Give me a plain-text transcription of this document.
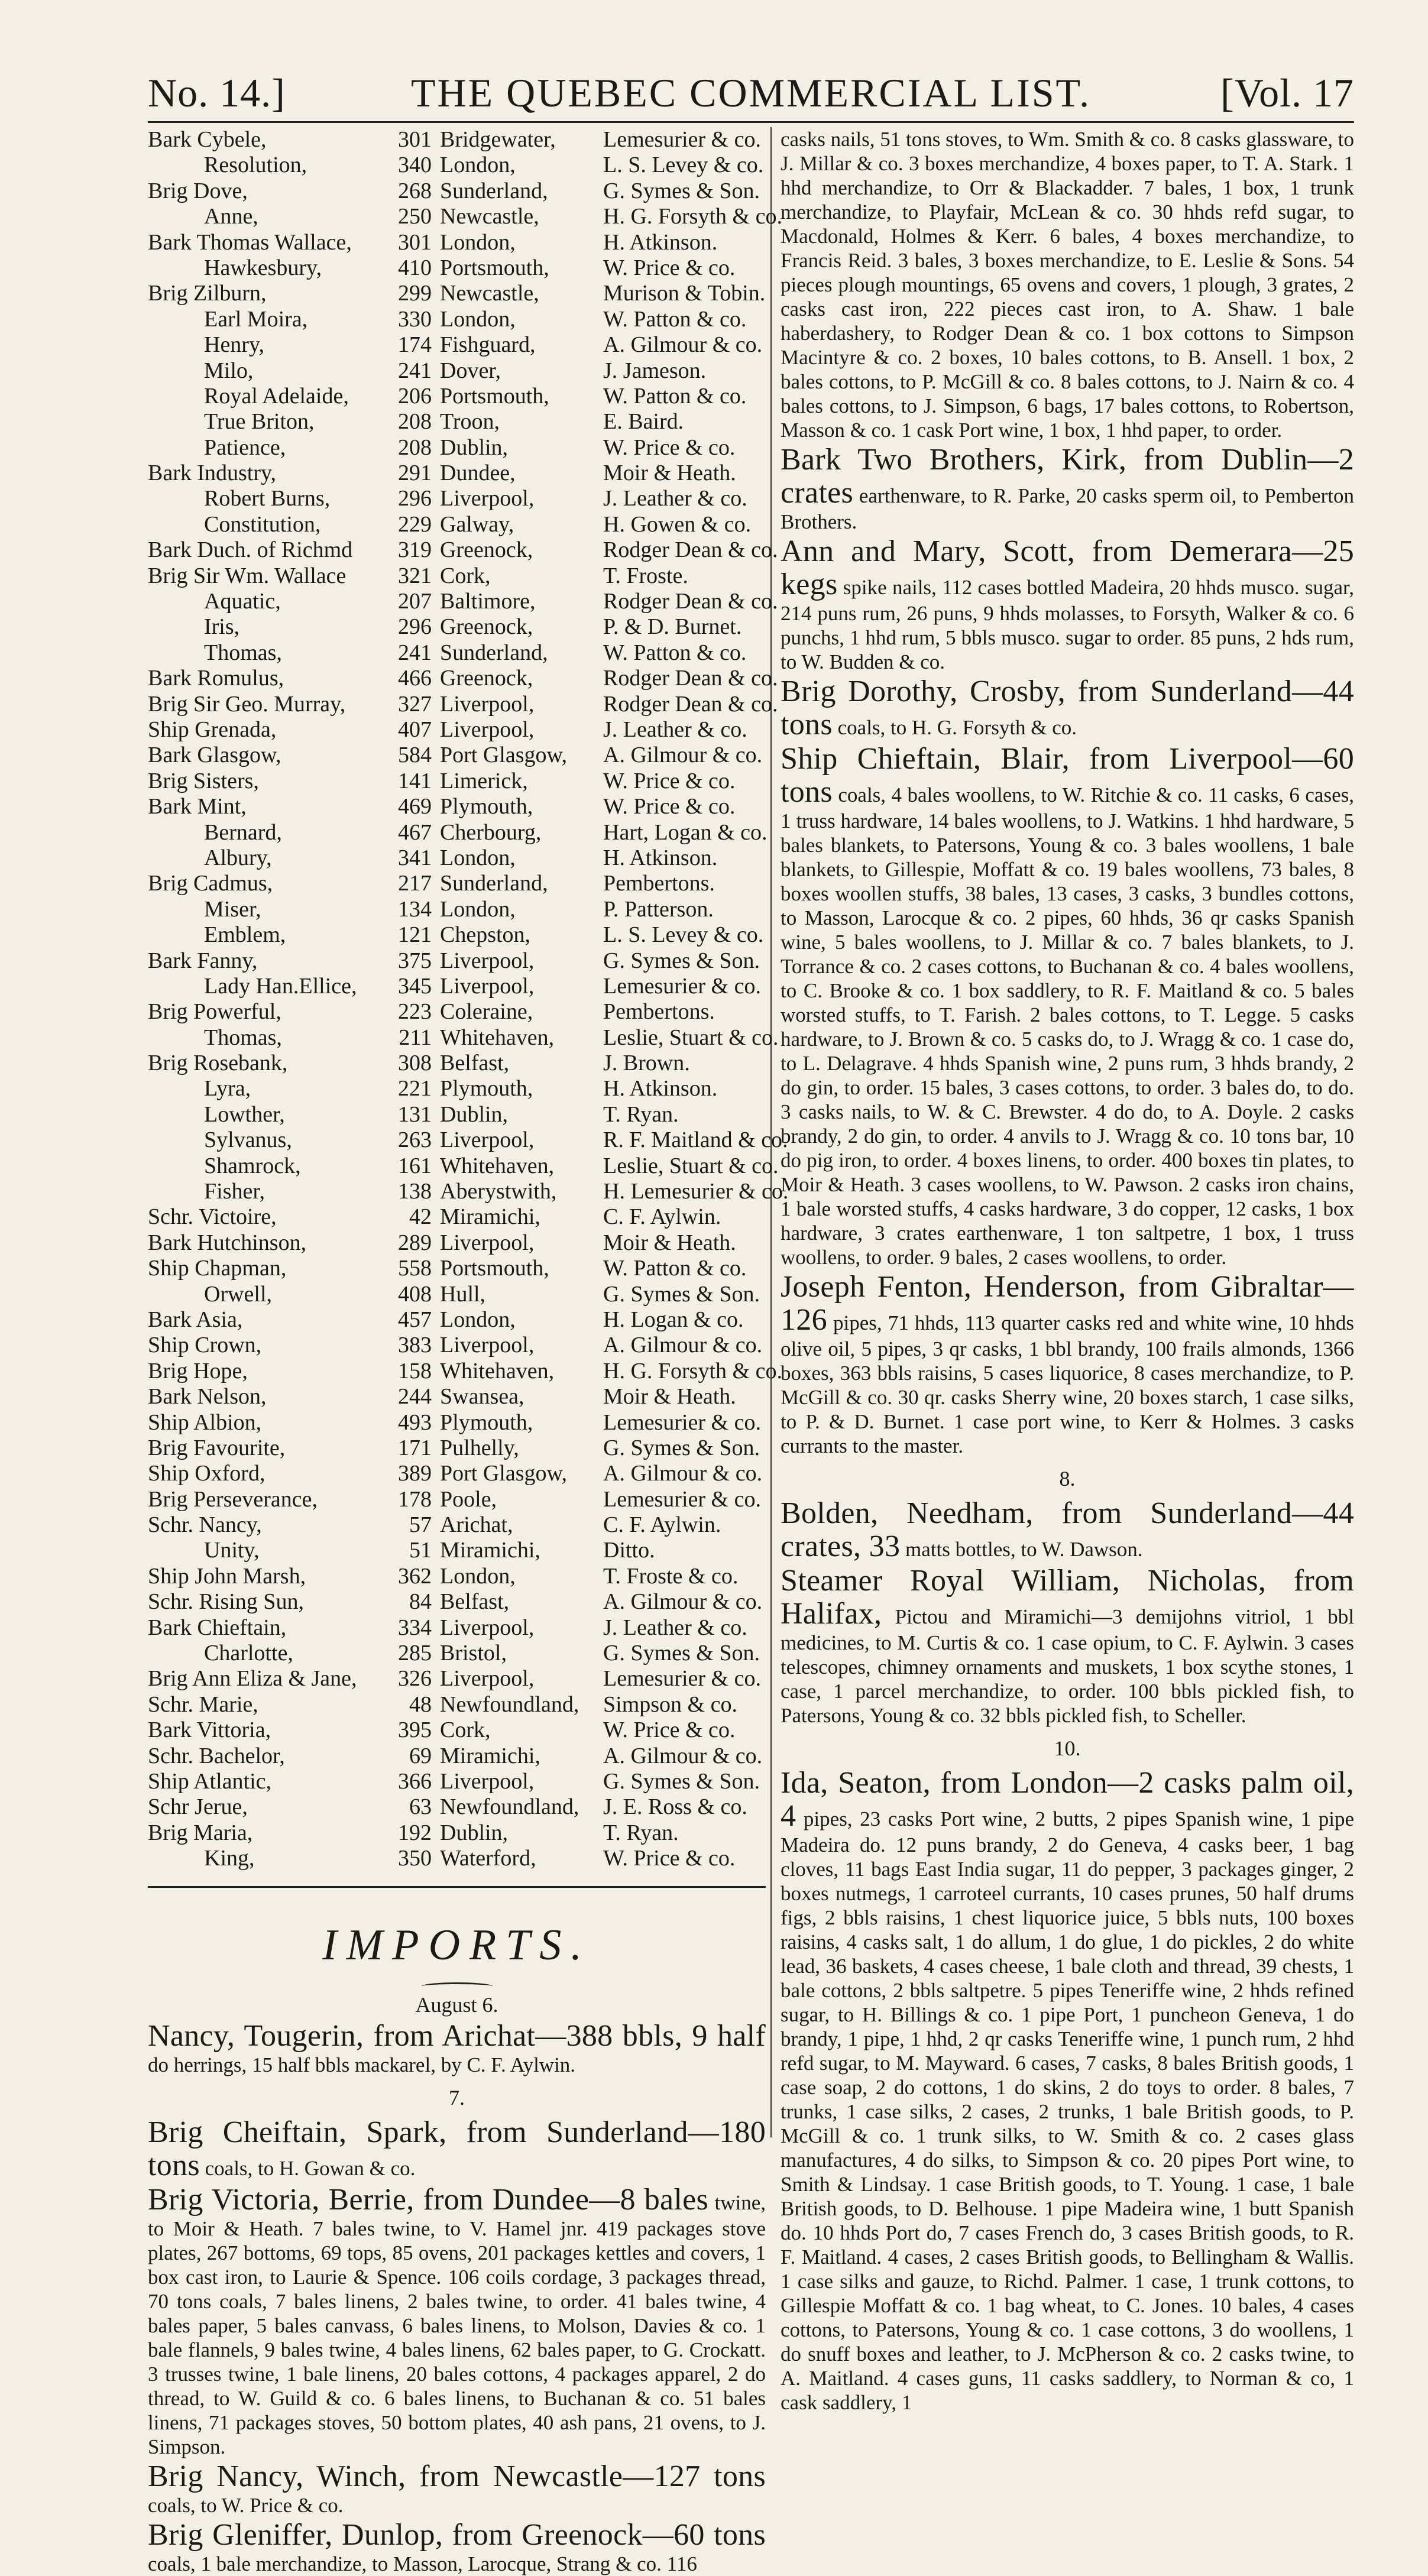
No. 14.]	THE QUEBEC COMMERCIAL LIST.	[Vol. 17
Bark Cybele,	301 Bridgewater,	Lemesurier & co.
Resolution,	340 London,	L. S. Levey & co.
Brig Dove,	268 Sunderland,	G. Symes & Son.
Anne,	250 Newcastle,	H. G. Forsyth & co.
Bark Thomas Wallace,	301 London,	H. Atkinson.
Hawkesbury,	410 Portsmouth,	W. Price & co.
Brig Zilburn,	299 Newcastle,	Murison & Tobin.
Earl Moira,	330 London,	W. Patton & co.
Henry,	174 Fishguard,	A. Gilmour & co.
Milo,	241 Dover,	J. Jameson.
Royal Adelaide,	206 Portsmouth,	W. Patton & co.
True Briton,	208 Troon,	E. Baird.
Patience,	208 Dublin,	W. Price & co.
Bark Industry,	291 Dundee,	Moir & Heath.
Robert Burns,	296 Liverpool,	J. Leather & co.
Constitution,	229 Galway,	H. Gowen & co.
Bark Duch. of Richmd	319 Greenock,	Rodger Dean & co.
Brig Sir Wm. Wallace	321 Cork,	T. Froste.
Aquatic,	207 Baltimore,	Rodger Dean & co.
Iris,	296 Greenock,	P. & D. Burnet.
Thomas,	241 Sunderland,	W. Patton & co.
Bark Romulus,	466 Greenock,	Rodger Dean & co.
Brig Sir Geo. Murray,	327 Liverpool,	Rodger Dean & co.
Ship Grenada,	407 Liverpool,	J. Leather & co.
Bark Glasgow,	584 Port Glasgow,	A. Gilmour & co.
Brig Sisters,	141 Limerick,	W. Price & co.
Bark Mint,	469 Plymouth,	W. Price & co.
Bernard,	467 Cherbourg,	Hart, Logan & co.
Albury,	341 London,	H. Atkinson.
Brig Cadmus,	217 Sunderland,	Pembertons.
Miser,	134 London,	P. Patterson.
Emblem,	121 Chepston,	L. S. Levey & co.
Bark Fanny,	375 Liverpool,	G. Symes & Son.
Lady Han.Ellice,	345 Liverpool,	Lemesurier & co.
Brig Powerful,	223 Coleraine,	Pembertons.
Thomas,	211 Whitehaven,	Leslie, Stuart & co.
Brig Rosebank,	308 Belfast,	J. Brown.
Lyra,	221 Plymouth,	H. Atkinson.
Lowther,	131 Dublin,	T. Ryan.
Sylvanus,	263 Liverpool,	R. F. Maitland & co.
Shamrock,	161 Whitehaven,	Leslie, Stuart & co.
Fisher,	138 Aberystwith,	H. Lemesurier & co.
Schr. Victoire,	42 Miramichi,	C. F. Aylwin.
Bark Hutchinson,	289 Liverpool,	Moir & Heath.
Ship Chapman,	558 Portsmouth,	W. Patton & co.
Orwell,	408 Hull,	G. Symes & Son.
Bark Asia,	457 London,	H. Logan & co.
Ship Crown,	383 Liverpool,	A. Gilmour & co.
Brig Hope,	158 Whitehaven,	H. G. Forsyth & co.
Bark Nelson,	244 Swansea,	Moir & Heath.
Ship Albion,	493 Plymouth,	Lemesurier & co.
Brig Favourite,	171 Pulhelly,	G. Symes & Son.
Ship Oxford,	389 Port Glasgow,	A. Gilmour & co.
Brig Perseverance,	178 Poole,	Lemesurier & co.
Schr. Nancy,	57 Arichat,	C. F. Aylwin.
Unity,	51 Miramichi,	Ditto.
Ship John Marsh,	362 London,	T. Froste & co.
Schr. Rising Sun,	84 Belfast,	A. Gilmour & co.
Bark Chieftain,	334 Liverpool,	J. Leather & co.
Charlotte,	285 Bristol,	G. Symes & Son.
Brig Ann Eliza & Jane,	326 Liverpool,	Lemesurier & co.
Schr. Marie,	48 Newfoundland,	Simpson & co.
Bark Vittoria,	395 Cork,	W. Price & co.
Schr. Bachelor,	69 Miramichi,	A. Gilmour & co.
Ship Atlantic,	366 Liverpool,	G. Symes & Son.
Schr Jerue,	63 Newfoundland,	J. E. Ross & co.
Brig Maria,	192 Dublin,	T. Ryan.
King,	350 Waterford,	W. Price & co.
IMPORTS.
August 6.

Nancy, Tougerin, from Arichat—388 bbls, 9 half do herrings, 15 half bbls mackarel, by C. F. Aylwin.

7.

Brig Cheiftain, Spark, from Sunderland—180 tons coals, to H. Gowan & co.

Brig Victoria, Berrie, from Dundee—8 bales twine, to Moir & Heath. 7 bales twine, to V. Hamel jnr. 419 packages stove plates, 267 bottoms, 69 tops, 85 ovens, 201 packages kettles and covers, 1 box cast iron, to Laurie & Spence. 106 coils cordage, 3 packages thread, 70 tons coals, 7 bales linens, 2 bales twine, to order. 41 bales twine, 4 bales paper, 5 bales canvass, 6 bales linens, to Molson, Davies & co. 1 bale flannels, 9 bales twine, 4 bales linens, 62 bales paper, to G. Crockatt. 3 trusses twine, 1 bale linens, 20 bales cottons, 4 packages apparel, 2 do thread, to W. Guild & co. 6 bales linens, to Buchanan & co. 51 bales linens, 71 packages stoves, 50 bottom plates, 40 ash pans, 21 ovens, to J. Simpson.

Brig Nancy, Winch, from Newcastle—127 tons coals, to W. Price & co.

Brig Gleniffer, Dunlop, from Greenock—60 tons coals, 1 bale merchandize, to Masson, Larocque, Strang & co. 116

casks nails, 51 tons stoves, to Wm. Smith & co. 8 casks glassware, to J. Millar & co. 3 boxes merchandize, 4 boxes paper, to T. A. Stark. 1 hhd merchandize, to Orr & Blackadder. 7 bales, 1 box, 1 trunk merchandize, to Playfair, McLean & co. 30 hhds refd sugar, to Macdonald, Holmes & Kerr. 6 bales, 4 boxes merchandize, to Francis Reid. 3 bales, 3 boxes merchandize, to E. Leslie & Sons. 54 pieces plough mountings, 65 ovens and covers, 1 plough, 3 grates, 2 casks cast iron, 222 pieces cast iron, to A. Shaw. 1 bale haberdashery, to Rodger Dean & co. 1 box cottons to Simpson Macintyre & co. 2 boxes, 10 bales cottons, to B. Ansell. 1 box, 2 bales cottons, to P. McGill & co. 8 bales cottons, to J. Nairn & co. 4 bales cottons, to J. Simpson, 6 bags, 17 bales cottons, to Robertson, Masson & co. 1 cask Port wine, 1 box, 1 hhd paper, to order.

Bark Two Brothers, Kirk, from Dublin—2 crates earthenware, to R. Parke, 20 casks sperm oil, to Pemberton Brothers.

Ann and Mary, Scott, from Demerara—25 kegs spike nails, 112 cases bottled Madeira, 20 hhds musco. sugar, 214 puns rum, 26 puns, 9 hhds molasses, to Forsyth, Walker & co. 6 punchs, 1 hhd rum, 5 bbls musco. sugar to order. 85 puns, 2 hds rum, to W. Budden & co.

Brig Dorothy, Crosby, from Sunderland—44 tons coals, to H. G. Forsyth & co.

Ship Chieftain, Blair, from Liverpool—60 tons coals, 4 bales woollens, to W. Ritchie & co. 11 casks, 6 cases, 1 truss hardware, 14 bales woollens, to J. Watkins. 1 hhd hardware, 5 bales blankets, to Patersons, Young & co. 3 bales woollens, 1 bale blankets, to Gillespie, Moffatt & co. 19 bales woollens, 73 bales, 8 boxes woollen stuffs, 38 bales, 13 cases, 3 casks, 3 bundles cottons, to Masson, Larocque & co. 2 pipes, 60 hhds, 36 qr casks Spanish wine, 5 bales woollens, to J. Millar & co. 7 bales blankets, to J. Torrance & co. 2 cases cottons, to Buchanan & co. 4 bales woollens, to C. Brooke & co. 1 box saddlery, to R. F. Maitland & co. 5 bales worsted stuffs, to T. Farish. 2 bales cottons, to T. Legge. 5 casks hardware, to J. Brown & co. 5 casks do, to J. Wragg & co. 1 case do, to L. Delagrave. 4 hhds Spanish wine, 2 puns rum, 3 hhds brandy, 2 do gin, to order. 15 bales, 3 cases cottons, to order. 3 bales do, to do. 3 casks nails, to W. & C. Brewster. 4 do do, to A. Doyle. 2 casks brandy, 2 do gin, to order. 4 anvils to J. Wragg & co. 10 tons bar, 10 do pig iron, to order. 4 boxes linens, to order. 400 boxes tin plates, to Moir & Heath. 3 cases woollens, to W. Pawson. 2 casks iron chains, 1 bale worsted stuffs, 4 casks hardware, 3 do copper, 12 casks, 1 box hardware, 3 crates earthenware, 1 ton saltpetre, 1 box, 1 truss woollens, to order. 9 bales, 2 cases woollens, to order.

Joseph Fenton, Henderson, from Gibraltar—126 pipes, 71 hhds, 113 quarter casks red and white wine, 10 hhds olive oil, 5 pipes, 3 qr casks, 1 bbl brandy, 100 frails almonds, 1366 boxes, 363 bbls raisins, 5 cases liquorice, 8 cases merchandize, to P. McGill & co. 30 qr. casks Sherry wine, 20 boxes starch, 1 case silks, to P. & D. Burnet. 1 case port wine, to Kerr & Holmes. 3 casks currants to the master.

8.

Bolden, Needham, from Sunderland—44 crates, 33 matts bottles, to W. Dawson.

Steamer Royal William, Nicholas, from Halifax, Pictou and Miramichi—3 demijohns vitriol, 1 bbl medicines, to M. Curtis & co. 1 case opium, to C. F. Aylwin. 3 cases telescopes, chimney ornaments and muskets, 1 box scythe stones, 1 case, 1 parcel merchandize, to order. 100 bbls pickled fish, to Patersons, Young & co. 32 bbls pickled fish, to Scheller.

10.

Ida, Seaton, from London—2 casks palm oil, 4 pipes, 23 casks Port wine, 2 butts, 2 pipes Spanish wine, 1 pipe Madeira do. 12 puns brandy, 2 do Geneva, 4 casks beer, 1 bag cloves, 11 bags East India sugar, 11 do pepper, 3 packages ginger, 2 boxes nutmegs, 1 carroteel currants, 10 cases prunes, 50 half drums figs, 2 bbls raisins, 1 chest liquorice juice, 5 bbls nuts, 100 boxes raisins, 4 casks salt, 1 do allum, 1 do glue, 1 do pickles, 2 do white lead, 36 baskets, 4 cases cheese, 1 bale cloth and thread, 39 chests, 1 bale cottons, 2 bbls saltpetre. 5 pipes Teneriffe wine, 2 hhds refined sugar, to H. Billings & co. 1 pipe Port, 1 puncheon Geneva, 1 do brandy, 1 pipe, 1 hhd, 2 qr casks Teneriffe wine, 1 punch rum, 2 hhd refd sugar, to M. Mayward. 6 cases, 7 casks, 8 bales British goods, 1 case soap, 2 do cottons, 1 do skins, 2 do toys to order. 8 bales, 7 trunks, 1 case silks, 2 cases, 2 trunks, 1 bale British goods, to P. McGill & co. 1 trunk silks, to W. Smith & co. 2 cases glass manufactures, 4 do silks, to Simpson & co. 20 pipes Port wine, to Smith & Lindsay. 1 case British goods, to T. Young. 1 case, 1 bale British goods, to D. Belhouse. 1 pipe Madeira wine, 1 butt Spanish do. 10 hhds Port do, 7 cases French do, 3 cases British goods, to R. F. Maitland. 4 cases, 2 cases British goods, to Bellingham & Wallis. 1 case silks and gauze, to Richd. Palmer. 1 case, 1 trunk cottons, to Gillespie Moffatt & co. 1 bag wheat, to C. Jones. 10 bales, 4 cases cottons, to Patersons, Young & co. 1 case cottons, 3 do woollens, 1 do snuff boxes and leather, to J. McPherson & co. 2 casks twine, to A. Maitland. 4 cases guns, 11 casks saddlery, to Norman & co, 1 cask saddlery, 1
